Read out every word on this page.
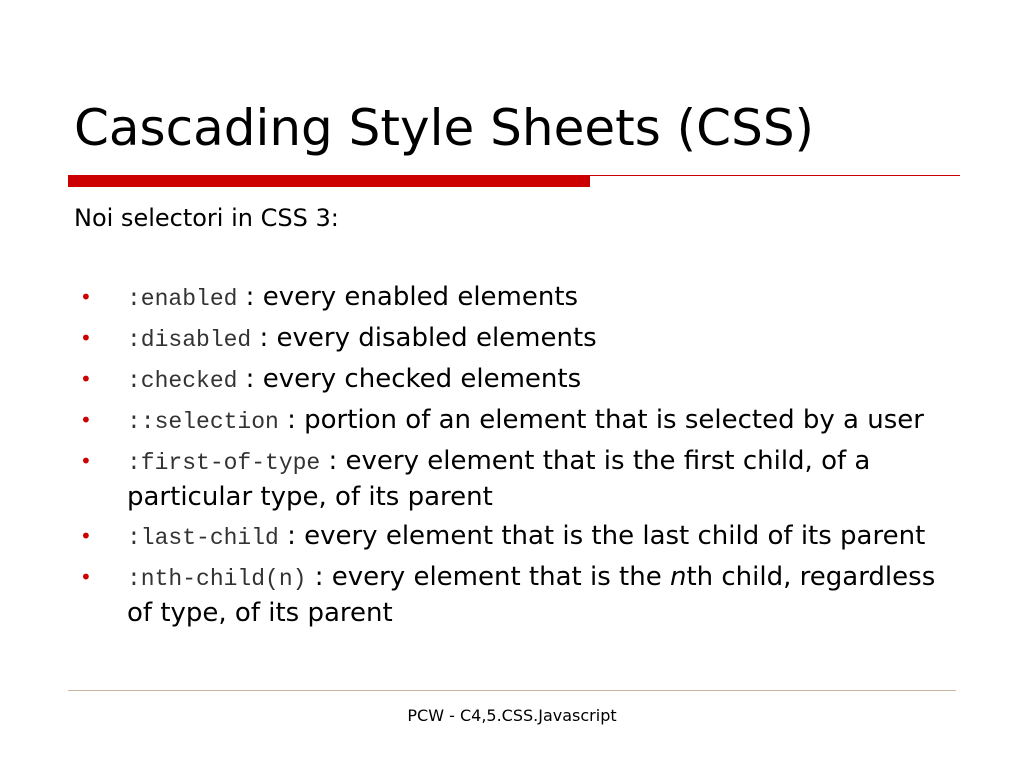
Cascading Style Sheets (CSS)
Noi selectori in CSS 3:
• :enabled : every enabled elements
• :disabled : every disabled elements
• :checked : every checked elements
• ::selection : portion of an element that is selected by a user
• :first-of-type : every element that is the first child, of a particular type, of its parent
• :last-child : every element that is the last child of its parent
• :nth-child(n) : every element that is the nth child, regardless of type, of its parent
PCW - C4,5.CSS.Javascript
